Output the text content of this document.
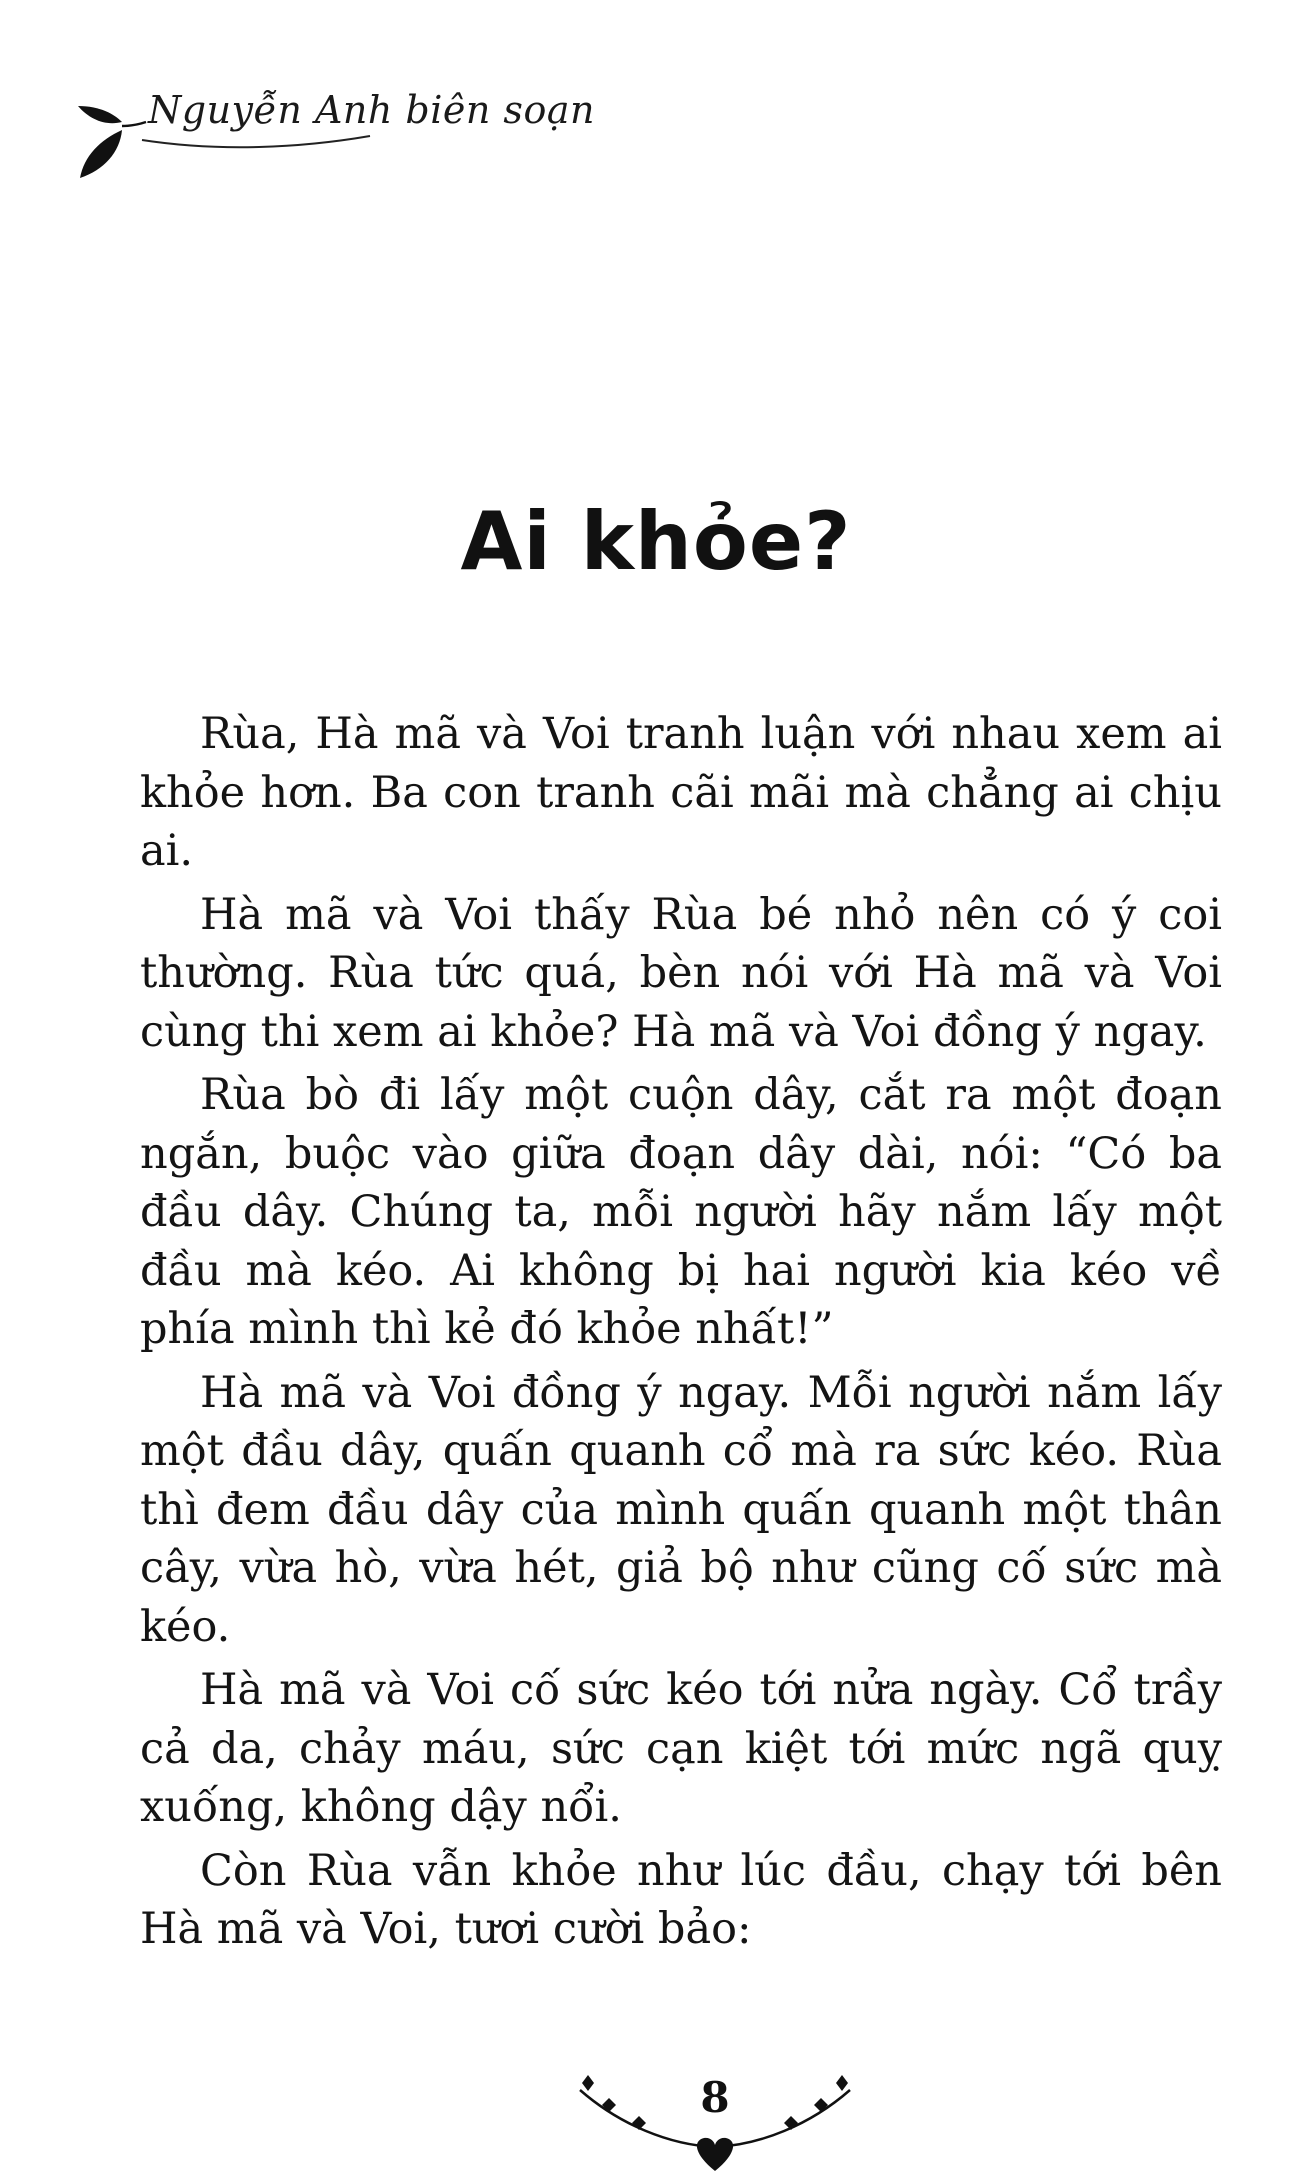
Nguyễn Anh biên soạn
Ai khỏe?

Rùa, Hà mã và Voi tranh luận với nhau xem ai khỏe hơn. Ba con tranh cãi mãi mà chẳng ai chịu ai.

Hà mã và Voi thấy Rùa bé nhỏ nên có ý coi thường. Rùa tức quá, bèn nói với Hà mã và Voi cùng thi xem ai khỏe? Hà mã và Voi đồng ý ngay.

Rùa bò đi lấy một cuộn dây, cắt ra một đoạn ngắn, buộc vào giữa đoạn dây dài, nói: “Có ba đầu dây. Chúng ta, mỗi người hãy nắm lấy một đầu mà kéo. Ai không bị hai người kia kéo về phía mình thì kẻ đó khỏe nhất!”

Hà mã và Voi đồng ý ngay. Mỗi người nắm lấy một đầu dây, quấn quanh cổ mà ra sức kéo. Rùa thì đem đầu dây của mình quấn quanh một thân cây, vừa hò, vừa hét, giả bộ như cũng cố sức mà kéo.

Hà mã và Voi cố sức kéo tới nửa ngày. Cổ trầy cả da, chảy máu, sức cạn kiệt tới mức ngã quỵ xuống, không dậy nổi.

Còn Rùa vẫn khỏe như lúc đầu, chạy tới bên Hà mã và Voi, tươi cười bảo:

8
